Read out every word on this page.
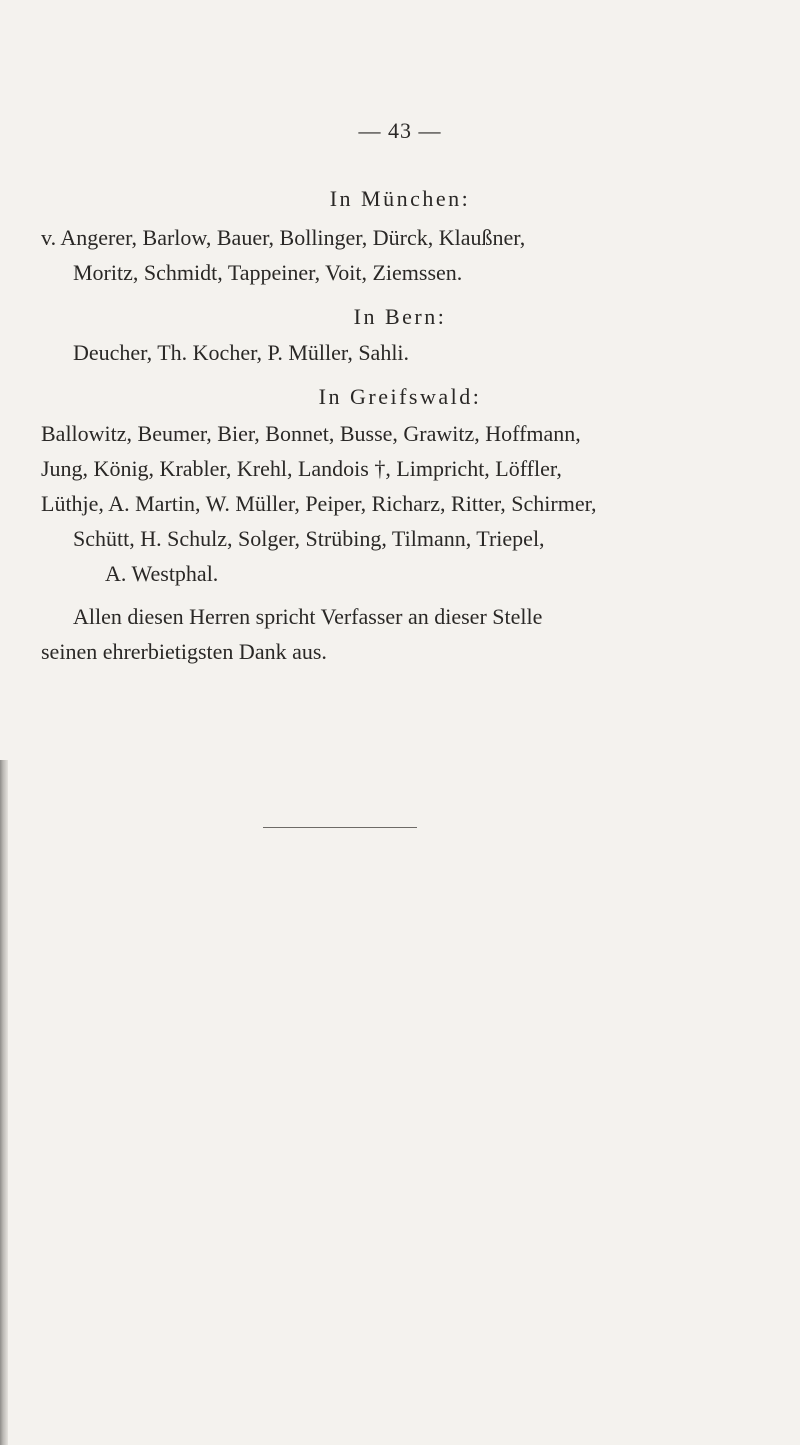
— 43 —
In München:
v. Angerer, Barlow, Bauer, Bollinger, Dürck, Klaußner,
Moritz, Schmidt, Tappeiner, Voit, Ziemssen.
In Bern:
Deucher, Th. Kocher, P. Müller, Sahli.
In Greifswald:
Ballowitz, Beumer, Bier, Bonnet, Busse, Grawitz, Hoffmann,
Jung, König, Krabler, Krehl, Landois †, Limpricht, Löffler,
Lüthje, A. Martin, W. Müller, Peiper, Richarz, Ritter, Schirmer,
Schütt, H. Schulz, Solger, Strübing, Tilmann, Triepel,
A. Westphal.
Allen diesen Herren spricht Verfasser an dieser Stelle
seinen ehrerbietigsten Dank aus.
